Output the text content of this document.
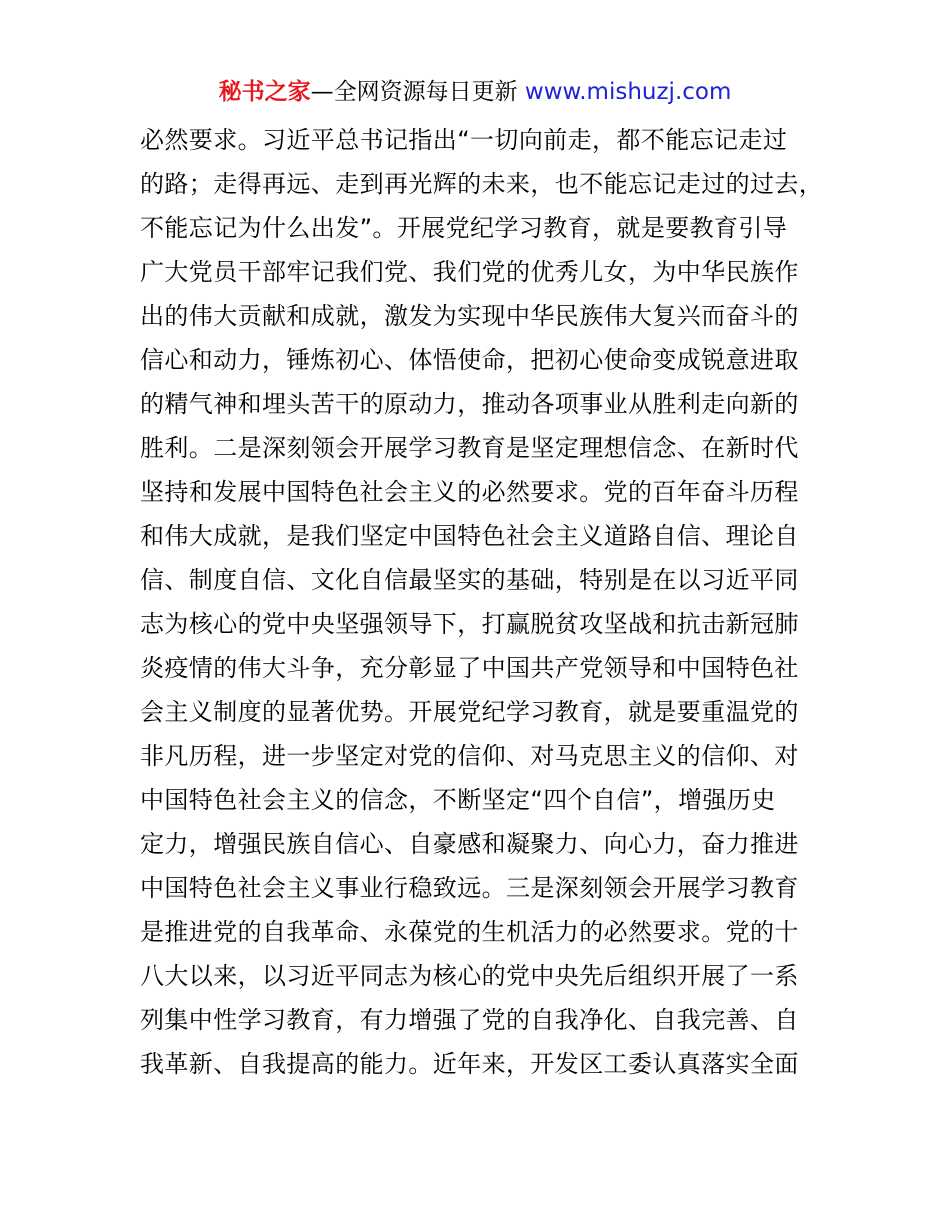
秘书之家—全网资源每日更新 www.mishuzj.com
必然要求。习近平总书记指出“一切向前走，都不能忘记走过
的路；走得再远、走到再光辉的未来，也不能忘记走过的过去，
不能忘记为什么出发”。开展党纪学习教育，就是要教育引导
广大党员干部牢记我们党、我们党的优秀儿女，为中华民族作
出的伟大贡献和成就，激发为实现中华民族伟大复兴而奋斗的
信心和动力，锤炼初心、体悟使命，把初心使命变成锐意进取
的精气神和埋头苦干的原动力，推动各项事业从胜利走向新的
胜利。二是深刻领会开展学习教育是坚定理想信念、在新时代
坚持和发展中国特色社会主义的必然要求。党的百年奋斗历程
和伟大成就，是我们坚定中国特色社会主义道路自信、理论自
信、制度自信、文化自信最坚实的基础，特别是在以习近平同
志为核心的党中央坚强领导下，打赢脱贫攻坚战和抗击新冠肺
炎疫情的伟大斗争，充分彰显了中国共产党领导和中国特色社
会主义制度的显著优势。开展党纪学习教育，就是要重温党的
非凡历程，进一步坚定对党的信仰、对马克思主义的信仰、对
中国特色社会主义的信念，不断坚定“四个自信”，增强历史
定力，增强民族自信心、自豪感和凝聚力、向心力，奋力推进
中国特色社会主义事业行稳致远。三是深刻领会开展学习教育
是推进党的自我革命、永葆党的生机活力的必然要求。党的十
八大以来，以习近平同志为核心的党中央先后组织开展了一系
列集中性学习教育，有力增强了党的自我净化、自我完善、自
我革新、自我提高的能力。近年来，开发区工委认真落实全面
